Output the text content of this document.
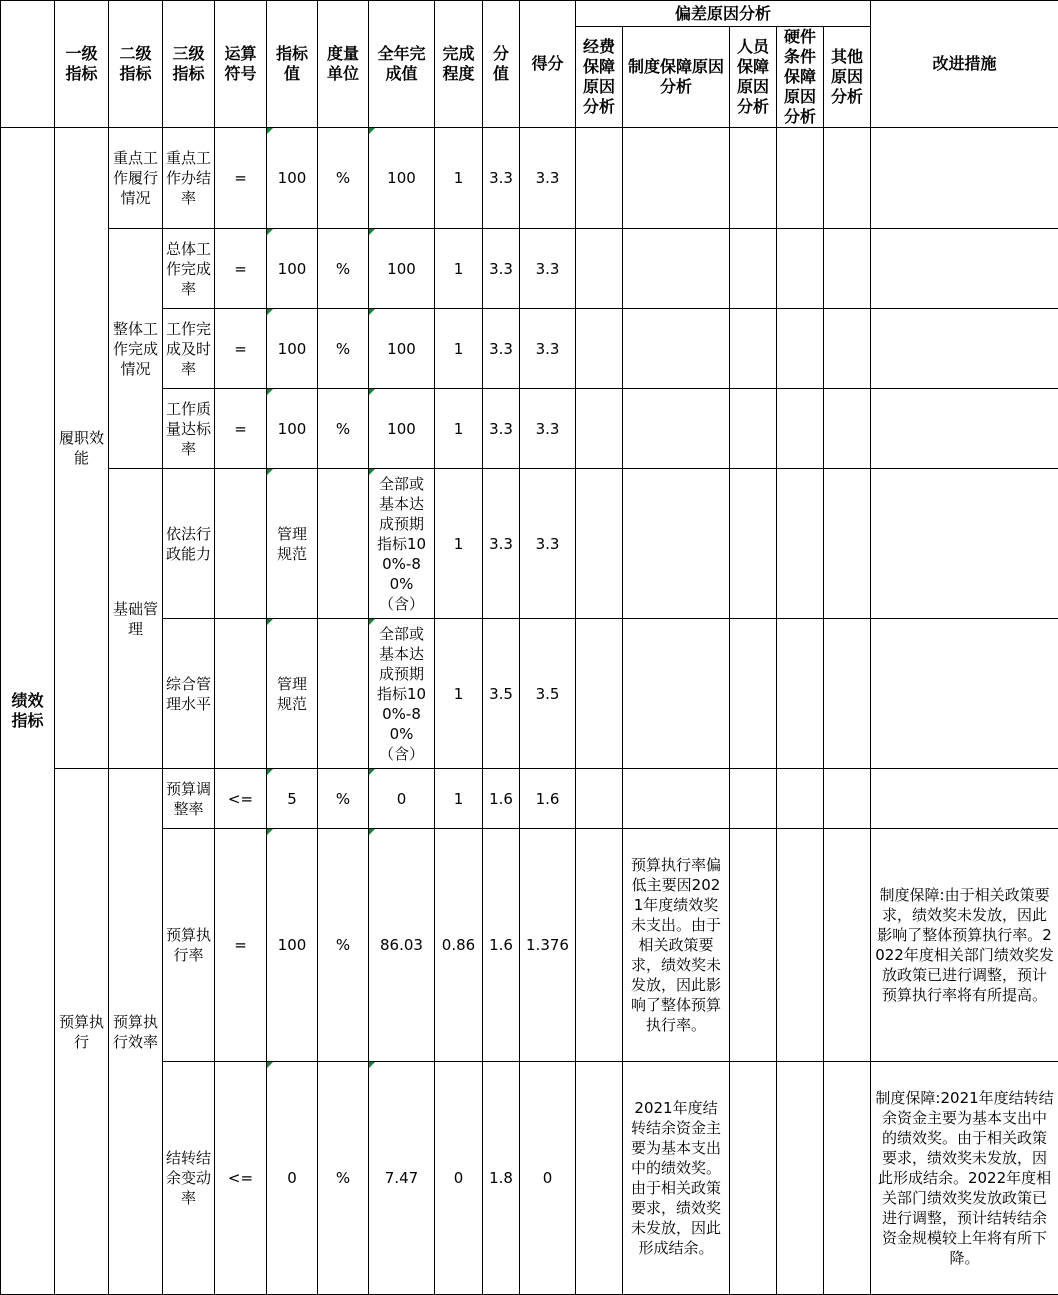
	一级指标	二级指标	三级指标	运算符号	指标值	度量单位	全年完成值	完成程度	分值	得分	偏差原因分析					改进措施
											经费保障原因分析	制度保障原因分析	人员保障原因分析	硬件条件保障原因分析	其他原因分析	
绩效指标	履职效能	重点工作履行情况	重点工作办结率	=	100	%	100	1	3.3	3.3						
		整体工作完成情况	总体工作完成率	=	100	%	100	1	3.3	3.3						
			工作完成及时率	=	100	%	100	1	3.3	3.3						
			工作质量达标率	=	100	%	100	1	3.3	3.3						
		基础管理	依法行政能力		管理规范		全部或基本达成预期指标100%-80%（含）	1	3.3	3.3						
			综合管理水平		管理规范		全部或基本达成预期指标100%-80%（含）	1	3.5	3.5						
	预算执行	预算执行效率	预算调整率	<=	5	%	0	1	1.6	1.6						
			预算执行率	=	100	%	86.03	0.86	1.6	1.376		预算执行率偏低主要因2021年度绩效奖未支出。由于相关政策要求，绩效奖未发放，因此影响了整体预算执行率。				制度保障:由于相关政策要求，绩效奖未发放，因此影响了整体预算执行率。2022年度相关部门绩效奖发放政策已进行调整，预计预算执行率将有所提高。
			结转结余变动率	<=	0	%	7.47	0	1.8	0		2021年度结转结余资金主要为基本支出中的绩效奖。由于相关政策要求，绩效奖未发放，因此形成结余。				制度保障:2021年度结转结余资金主要为基本支出中的绩效奖。由于相关政策要求，绩效奖未发放，因此形成结余。2022年度相关部门绩效奖发放政策已进行调整，预计结转结余资金规模较上年将有所下降。
